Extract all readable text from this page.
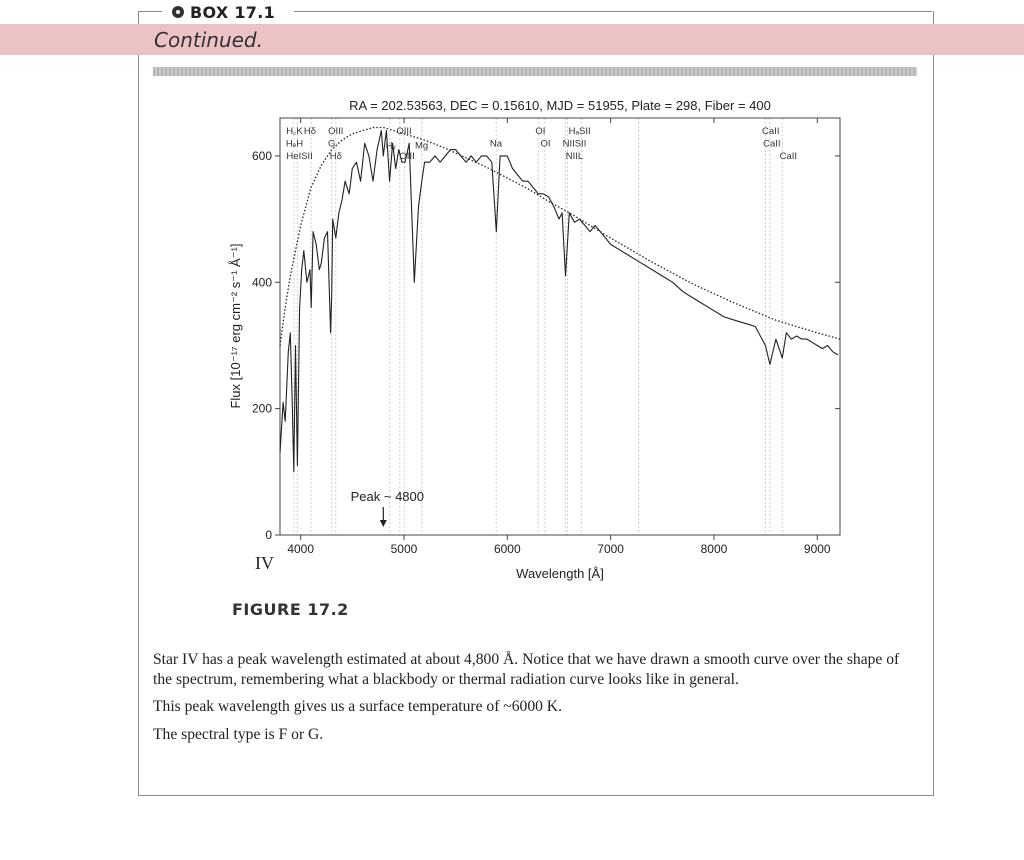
BOX 17.1
Continued.
RA = 202.53563, DEC = 0.15610, MJD = 51955, Plate = 298, Fiber = 400
4000	5000	6000	7000	8000	9000
0
200
400
600
Wavelength [Å]
Flux [10⁻¹⁷ erg cm⁻² s⁻¹ Å⁻¹]
H꜀K Hδ OIII	OIII	OI HₐSII	CaII
HₑH	G	Hᵧ Mg	Na	OI NIISII	CaII
HeISII Hδ	OIII	NIIL	CaII
Peak ~ 4800
IV
FIGURE 17.2

Star IV has a peak wavelength estimated at about 4,800 Å. Notice that we have drawn a smooth curve over the shape of the spectrum, remembering what a blackbody or thermal radiation curve looks like in general.

This peak wavelength gives us a surface temperature of ~6000 K.

The spectral type is F or G.
